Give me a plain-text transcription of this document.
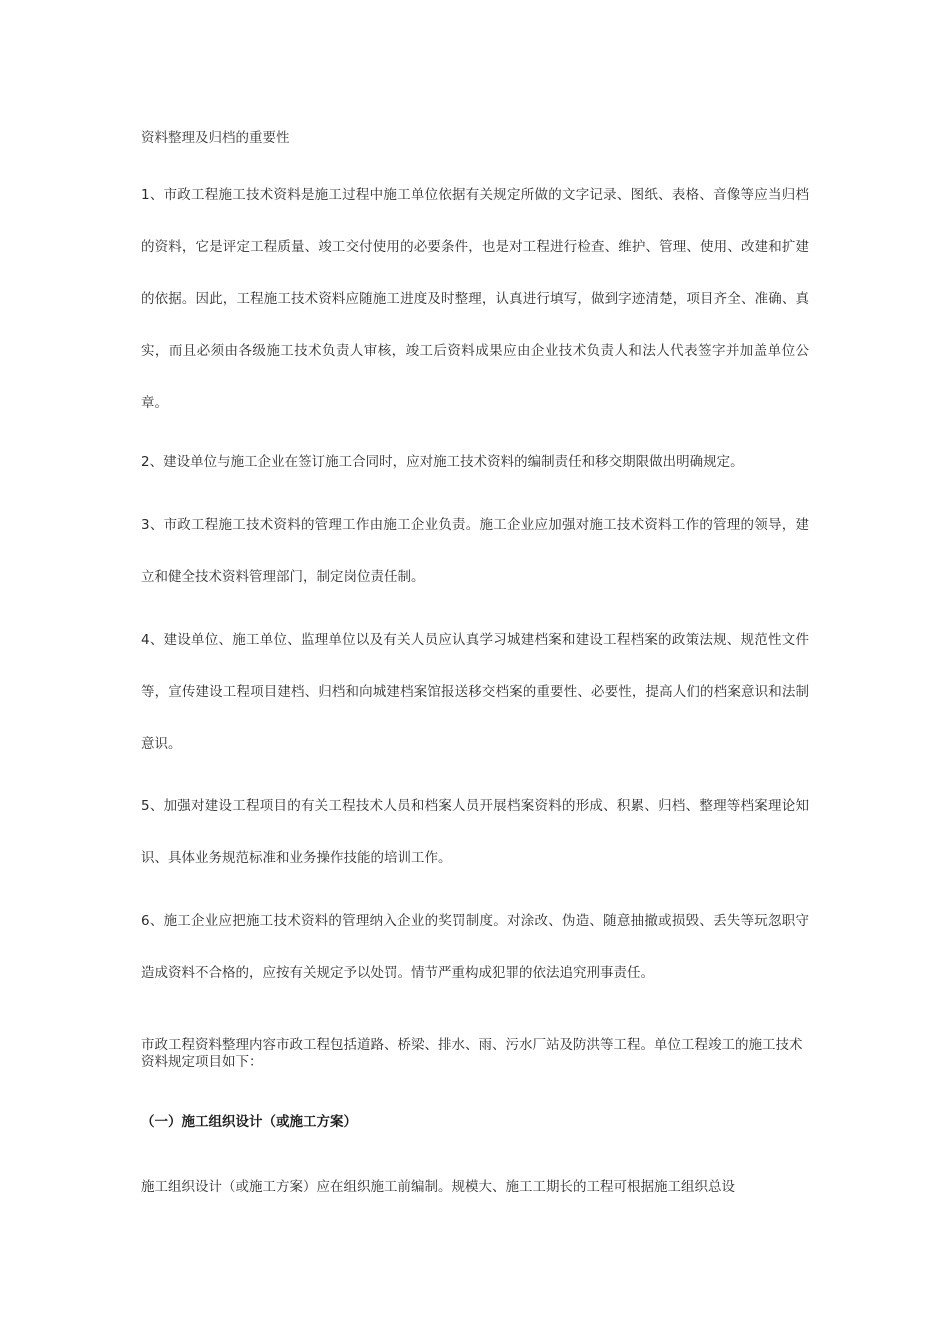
资料整理及归档的重要性

1、市政工程施工技术资料是施工过程中施工单位依据有关规定所做的文字记录、图纸、表格、音像等应当归档的资料，它是评定工程质量、竣工交付使用的必要条件，也是对工程进行检查、维护、管理、使用、改建和扩建的依据。因此，工程施工技术资料应随施工进度及时整理，认真进行填写，做到字迹清楚，项目齐全、准确、真实，而且必须由各级施工技术负责人审核，竣工后资料成果应由企业技术负责人和法人代表签字并加盖单位公章。

2、建设单位与施工企业在签订施工合同时，应对施工技术资料的编制责任和移交期限做出明确规定。

3、市政工程施工技术资料的管理工作由施工企业负责。施工企业应加强对施工技术资料工作的管理的领导，建立和健全技术资料管理部门，制定岗位责任制。

4、建设单位、施工单位、监理单位以及有关人员应认真学习城建档案和建设工程档案的政策法规、规范性文件等，宣传建设工程项目建档、归档和向城建档案馆报送移交档案的重要性、必要性，提高人们的档案意识和法制意识。

5、加强对建设工程项目的有关工程技术人员和档案人员开展档案资料的形成、积累、归档、整理等档案理论知识、具体业务规范标准和业务操作技能的培训工作。

6、施工企业应把施工技术资料的管理纳入企业的奖罚制度。对涂改、伪造、随意抽撤或损毁、丢失等玩忽职守造成资料不合格的，应按有关规定予以处罚。情节严重构成犯罪的依法追究刑事责任。

市政工程资料整理内容市政工程包括道路、桥梁、排水、雨、污水厂站及防洪等工程。单位工程竣工的施工技术资料规定项目如下：

（一）施工组织设计（或施工方案）
施工组织设计（或施工方案）应在组织施工前编制。规模大、施工工期长的工程可根据施工组织总设
